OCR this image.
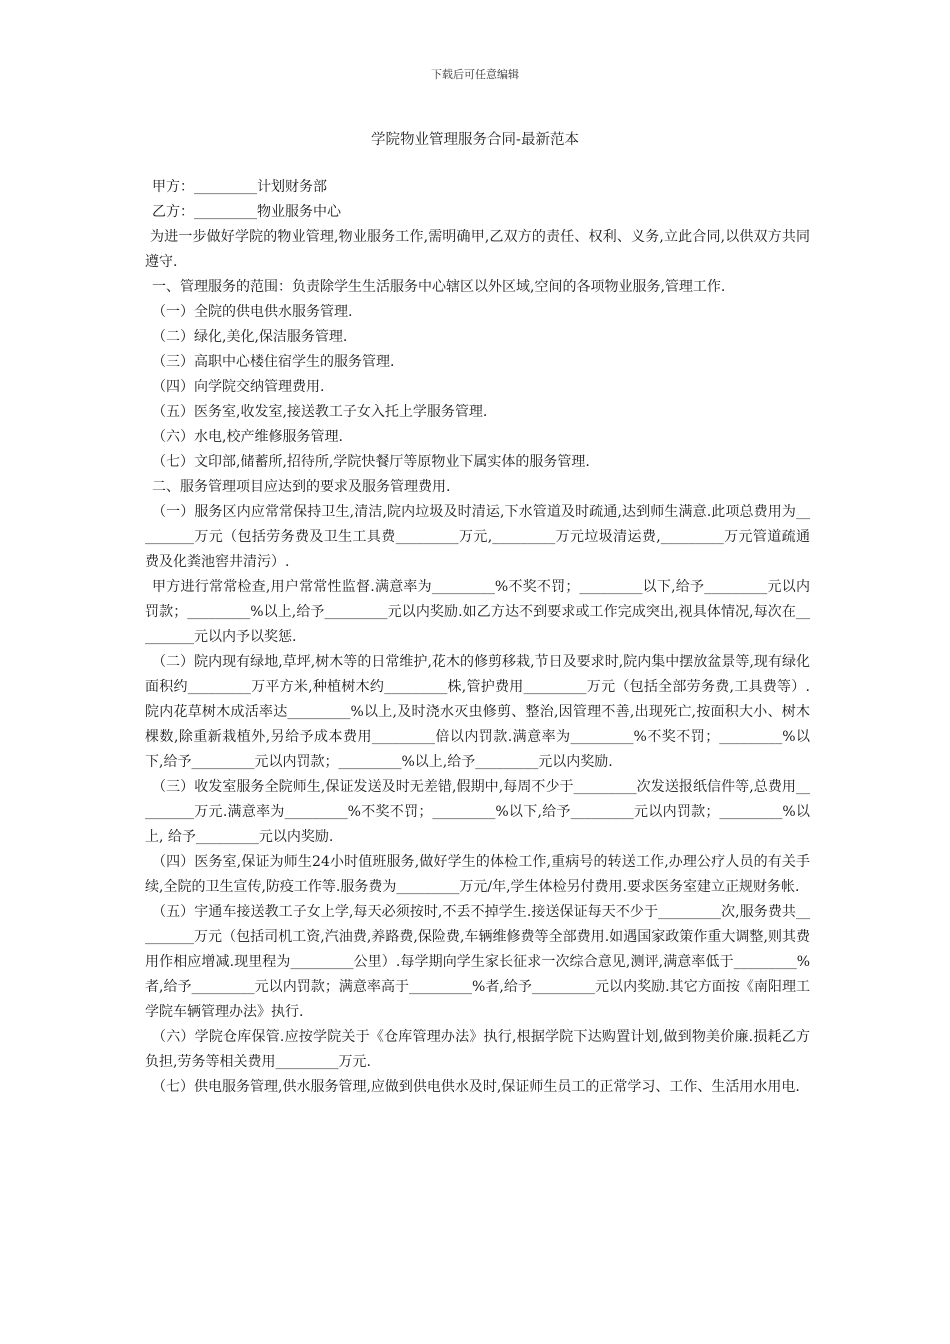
下载后可任意编辑
学院物业管理服务合同-最新范本

甲方：_________计划财务部

乙方：_________物业服务中心

为进一步做好学院的物业管理,物业服务工作,需明确甲,乙双方的责任、权利、义务,立此合同,以供双方共同遵守.

一、管理服务的范围：负责除学生生活服务中心辖区以外区域,空间的各项物业服务,管理工作.

（一）全院的供电供水服务管理.

（二）绿化,美化,保洁服务管理.

（三）高职中心楼住宿学生的服务管理.

（四）向学院交纳管理费用.

（五）医务室,收发室,接送教工子女入托上学服务管理.

（六）水电,校产维修服务管理.

（七）文印部,储蓄所,招待所,学院快餐厅等原物业下属实体的服务管理.

二、服务管理项目应达到的要求及服务管理费用.

（一）服务区内应常常保持卫生,清洁,院内垃圾及时清运,下水管道及时疏通,达到师生满意.此项总费用为_________万元（包括劳务费及卫生工具费_________万元,_________万元垃圾清运费,_________万元管道疏通费及化粪池窖井清污）.

甲方进行常常检查,用户常常性监督.满意率为_________%不奖不罚；_________以下,给予_________元以内罚款；_________%以上,给予_________元以内奖励.如乙方达不到要求或工作完成突出,视具体情况,每次在_________元以内予以奖惩.

（二）院内现有绿地,草坪,树木等的日常维护,花木的修剪移栽,节日及要求时,院内集中摆放盆景等,现有绿化面积约_________万平方米,种植树木约_________株,管护费用_________万元（包括全部劳务费,工具费等）.院内花草树木成活率达_________%以上,及时浇水灭虫修剪、整治,因管理不善,出现死亡,按面积大小、树木棵数,除重新栽植外,另给予成本费用_________倍以内罚款.满意率为_________%不奖不罚；_________%以下,给予_________元以内罚款；_________%以上,给予_________元以内奖励.

（三）收发室服务全院师生,保证发送及时无差错,假期中,每周不少于_________次发送报纸信件等,总费用_________万元.满意率为_________%不奖不罚；_________%以下,给予_________元以内罚款；_________%以上, 给予_________元以内奖励.

（四）医务室,保证为师生24小时值班服务,做好学生的体检工作,重病号的转送工作,办理公疗人员的有关手续,全院的卫生宣传,防疫工作等.服务费为_________万元/年,学生体检另付费用.要求医务室建立正规财务帐.

（五）宇通车接送教工子女上学,每天必须按时,不丢不掉学生.接送保证每天不少于_________次,服务费共_________万元（包括司机工资,汽油费,养路费,保险费,车辆维修费等全部费用.如遇国家政策作重大调整,则其费用作相应增减.现里程为_________公里）.每学期向学生家长征求一次综合意见,测评,满意率低于_________%者,给予_________元以内罚款；满意率高于_________%者,给予_________元以内奖励.其它方面按《南阳理工学院车辆管理办法》执行.

（六）学院仓库保管.应按学院关于《仓库管理办法》执行,根据学院下达购置计划,做到物美价廉.损耗乙方负担,劳务等相关费用_________万元.

（七）供电服务管理,供水服务管理,应做到供电供水及时,保证师生员工的正常学习、工作、生活用水用电.
